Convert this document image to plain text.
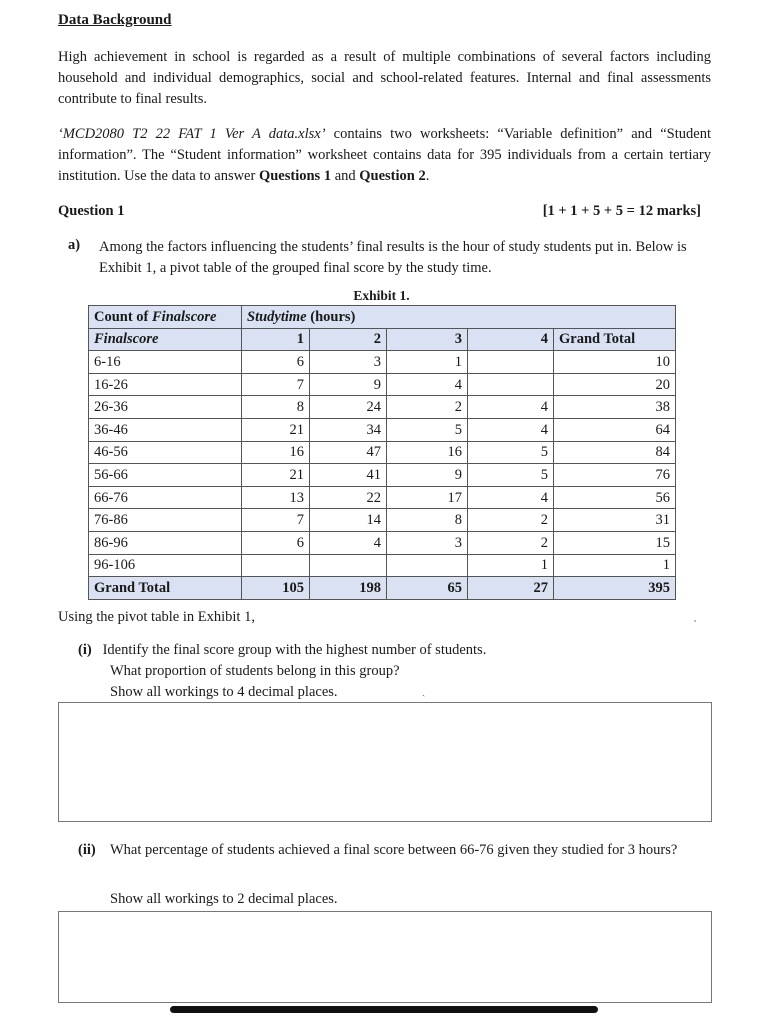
Data Background
High achievement in school is regarded as a result of multiple combinations of several factors including household and individual demographics, social and school-related features. Internal and final assessments contribute to final results.
‘MCD2080 T2 22 FAT 1 Ver A data.xlsx’ contains two worksheets: “Variable definition” and “Student information”. The “Student information” worksheet contains data for 395 individuals from a certain tertiary institution. Use the data to answer Questions 1 and Question 2.
Question 1	[1 + 1 + 5 + 5 = 12 marks]
a) Among the factors influencing the students’ final results is the hour of study students put in. Below is Exhibit 1, a pivot table of the grouped final score by the study time.
Exhibit 1.
Count of Finalscore	Studytime (hours)				
Finalscore	1	2	3	4	Grand Total
6-16	6	3	1		10
16-26	7	9	4		20
26-36	8	24	2	4	38
36-46	21	34	5	4	64
46-56	16	47	16	5	84
56-66	21	41	9	5	76
66-76	13	22	17	4	56
76-86	7	14	8	2	31
86-96	6	4	3	2	15
96-106				1	1
Grand Total	105	198	65	27	395
Using the pivot table in Exhibit 1,
(i) Identify the final score group with the highest number of students.
What proportion of students belong in this group?
Show all workings to 4 decimal places.	ˎ
(ii) What percentage of students achieved a final score between 66-76 given they studied for 3 hours?
Show all workings to 2 decimal places.
